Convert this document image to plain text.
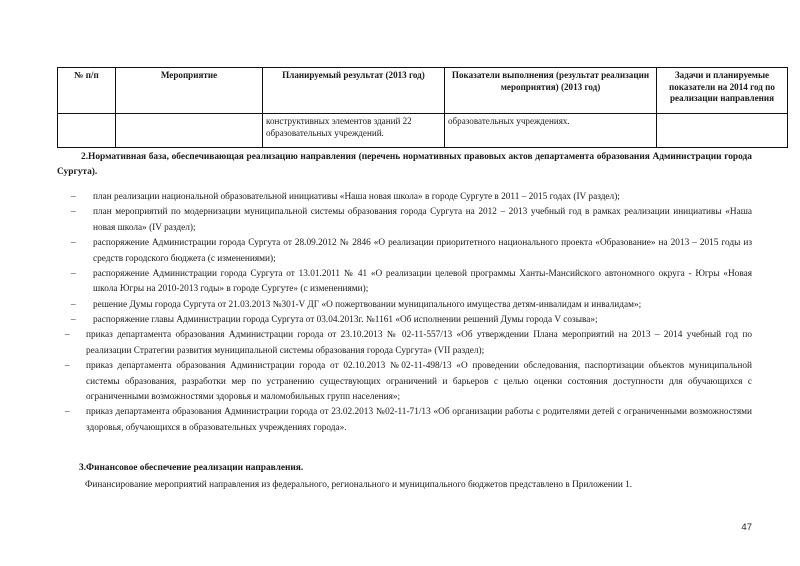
№ п/п	Мероприятие	Планируемый результат (2013 год)	Показатели выполнения (результат реализации мероприятия) (2013 год)	Задачи и планируемые показатели на 2014 год по реализации направления
		конструктивных элементов зданий 22 образовательных учреждений.	образовательных учреждениях.	
2.Нормативная база, обеспечивающая реализацию направления (перечень нормативных правовых актов департамента образования Администрации города Сургута).
– план реализации национальной образовательной инициативы «Наша новая школа» в городе Сургуте в 2011 – 2015 годах (IV раздел);
– план мероприятий по модернизации муниципальной системы образования города Сургута на 2012 – 2013 учебный год в рамках реализации инициативы «Наша новая школа» (IV раздел);
– распоряжение Администрации города Сургута от 28.09.2012 № 2846 «О реализации приоритетного национального проекта «Образование» на 2013 – 2015 годы из средств городского бюджета (с изменениями);
– распоряжение Администрации города Сургута от 13.01.2011 № 41 «О реализации целевой программы Ханты-Мансийского автономного округа - Югры «Новая школа Югры на 2010-2013 годы» в городе Сургуте» (с изменениями);
– решение Думы города Сургута от 21.03.2013 №301-V ДГ «О пожертвовании муниципального имущества детям-инвалидам и инвалидам»;
– распоряжение главы Администрации города Сургута от 03.04.2013г. №1161 «Об исполнении решений Думы города V созыва»;
– приказ департамента образования Администрации города от 23.10.2013 № 02-11-557/13 «Об утверждении Плана мероприятий на 2013 – 2014 учебный год по реализации Стратегии развития муниципальной системы образования города Сургута» (VII раздел);
– приказ департамента образования Администрации города от 02.10.2013 №02-11-498/13 «О проведении обследования, паспортизации объектов муниципальной системы образования, разработки мер по устранению существующих ограничений и барьеров с целью оценки состояния доступности для обучающихся с ограниченными возможностями здоровья и маломобильных групп населения»;
– приказ департамента образования Администрации города от 23.02.2013 №02-11-71/13 «Об организации работы с родителями детей с ограниченными возможностями здоровья, обучающихся в образовательных учреждениях города».
3.Финансовое обеспечение реализации направления.
Финансирование мероприятий направления из федерального, регионального и муниципального бюджетов представлено в Приложении 1.
47
